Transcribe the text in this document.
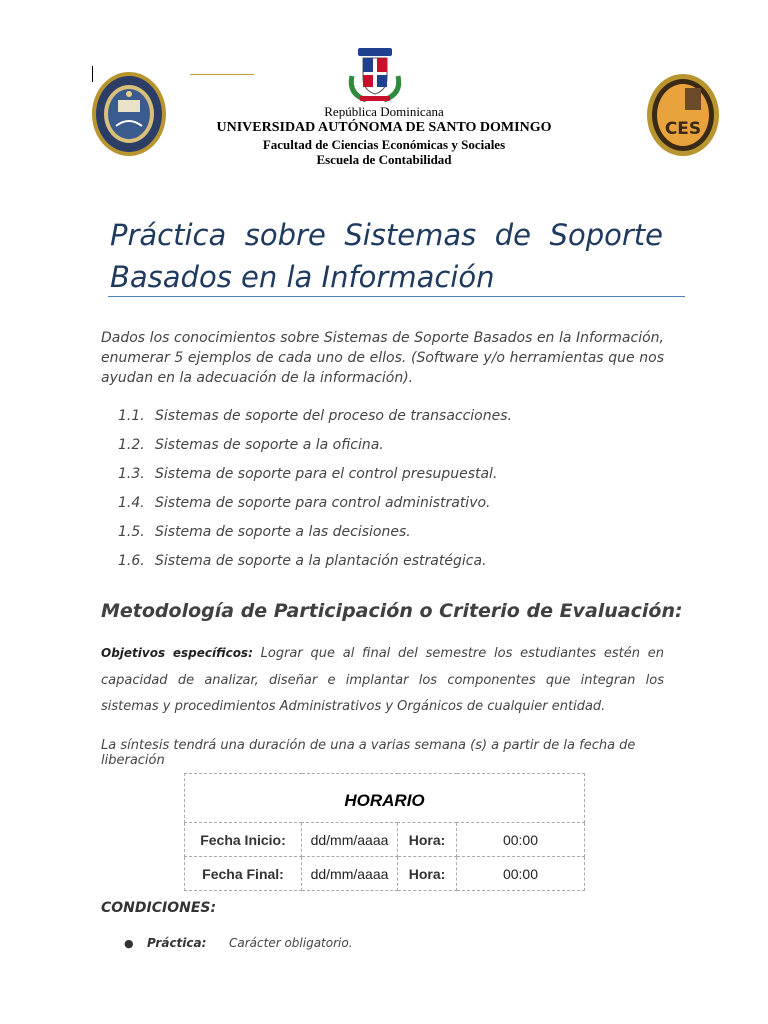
CES
República Dominicana
UNIVERSIDAD AUTÓNOMA DE SANTO DOMINGO
Facultad de Ciencias Económicas y Sociales
Escuela de Contabilidad
Práctica sobre Sistemas de Soporte Basados en la Información
Dados los conocimientos sobre Sistemas de Soporte Basados en la Información, enumerar 5 ejemplos de cada uno de ellos. (Software y/o herramientas que nos ayudan en la adecuación de la información).
1.1. Sistemas de soporte del proceso de transacciones.
1.2. Sistemas de soporte a la oficina.
1.3. Sistema de soporte para el control presupuestal.
1.4. Sistema de soporte para control administrativo.
1.5. Sistema de soporte a las decisiones.
1.6. Sistema de soporte a la plantación estratégica.
Metodología de Participación o Criterio de Evaluación:
Objetivos específicos: Lograr que al final del semestre los estudiantes estén en capacidad de analizar, diseñar e implantar los componentes que integran los sistemas y procedimientos Administrativos y Orgánicos de cualquier entidad.
La síntesis tendrá una duración de una a varias semana (s) a partir de la fecha de liberación
HORARIO			
Fecha Inicio:	dd/mm/aaaa	Hora:	00:00
Fecha Final:	dd/mm/aaaa	Hora:	00:00
CONDICIONES:
● Práctica: Carácter obligatorio.
